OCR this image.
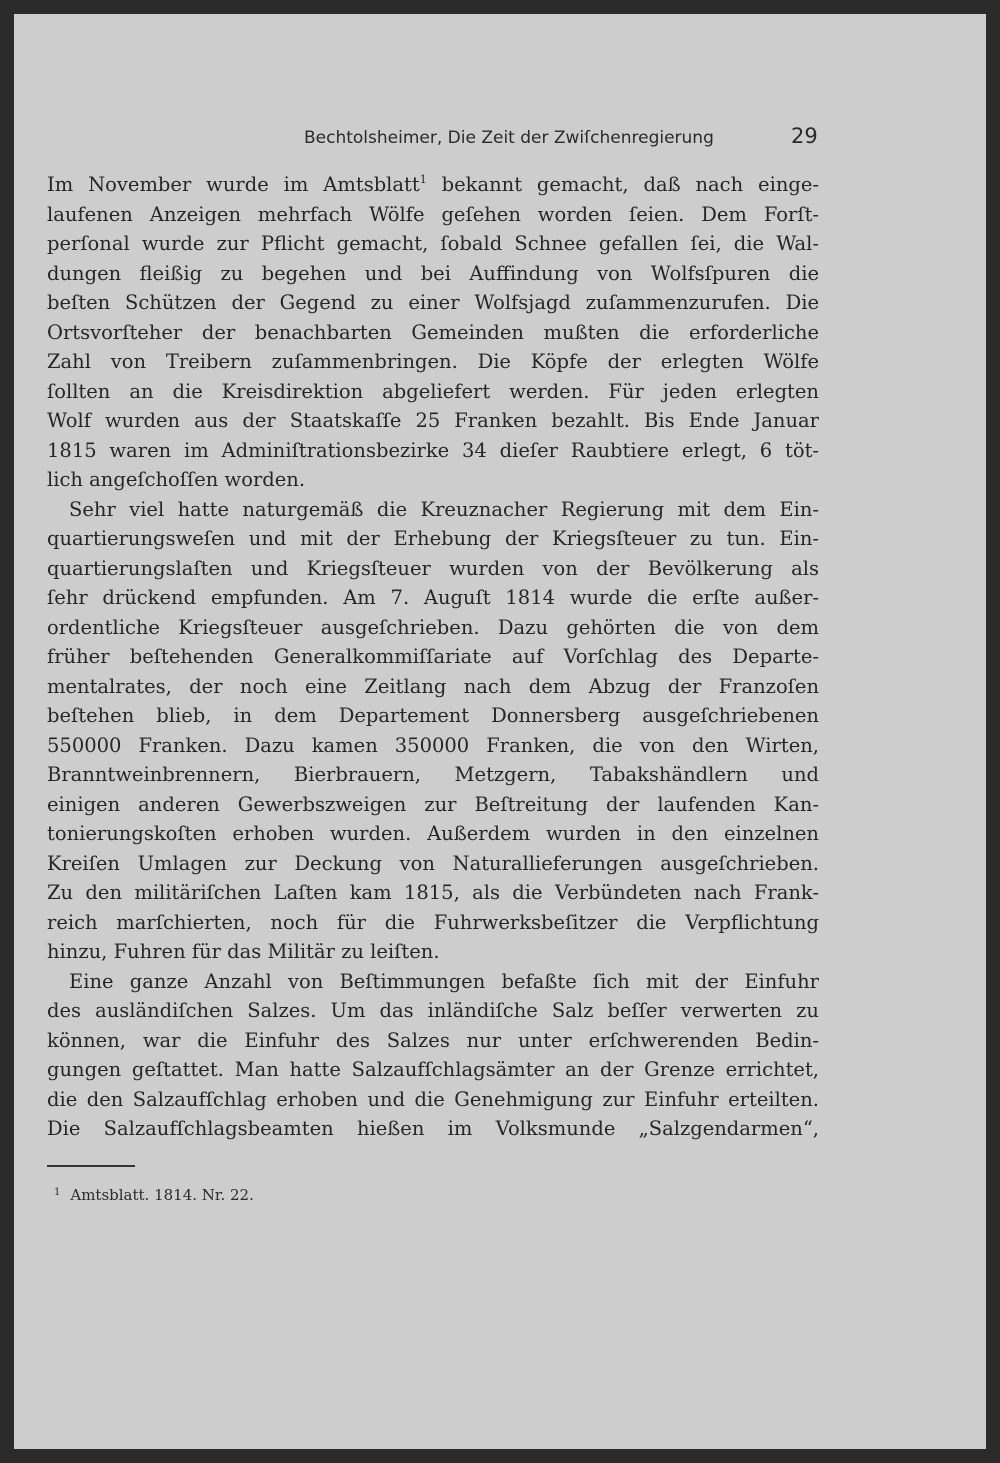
Bechtolsheimer, Die Zeit der Zwiſchenregierung	29
Im November wurde im Amtsblatt$^1$ bekannt gemacht, daß nach einge-
laufenen Anzeigen mehrfach Wölfe geſehen worden ſeien. Dem Forſt-
perſonal wurde zur Pflicht gemacht, ſobald Schnee gefallen ſei, die Wal-
dungen fleißig zu begehen und bei Auffindung von Wolfsſpuren die
beſten Schützen der Gegend zu einer Wolfsjagd zuſammenzurufen. Die
Ortsvorſteher der benachbarten Gemeinden mußten die erforderliche
Zahl von Treibern zuſammenbringen. Die Köpfe der erlegten Wölfe
ſollten an die Kreisdirektion abgeliefert werden. Für jeden erlegten
Wolf wurden aus der Staatskaſſe 25 Franken bezahlt. Bis Ende Januar
1815 waren im Adminiſtrationsbezirke 34 dieſer Raubtiere erlegt, 6 töt-
lich angeſchoſſen worden.
Sehr viel hatte naturgemäß die Kreuznacher Regierung mit dem Ein-
quartierungsweſen und mit der Erhebung der Kriegsſteuer zu tun. Ein-
quartierungslaſten und Kriegsſteuer wurden von der Bevölkerung als
ſehr drückend empfunden. Am 7. Auguſt 1814 wurde die erſte außer-
ordentliche Kriegsſteuer ausgeſchrieben. Dazu gehörten die von dem
früher beſtehenden Generalkommiſſariate auf Vorſchlag des Departe-
mentalrates, der noch eine Zeitlang nach dem Abzug der Franzoſen
beſtehen blieb, in dem Departement Donnersberg ausgeſchriebenen
550000 Franken. Dazu kamen 350000 Franken, die von den Wirten,
Branntweinbrennern, Bierbrauern, Metzgern, Tabakshändlern und
einigen anderen Gewerbszweigen zur Beſtreitung der laufenden Kan-
tonierungskoſten erhoben wurden. Außerdem wurden in den einzelnen
Kreiſen Umlagen zur Deckung von Naturallieferungen ausgeſchrieben.
Zu den militäriſchen Laſten kam 1815, als die Verbündeten nach Frank-
reich marſchierten, noch für die Fuhrwerksbeſitzer die Verpflichtung
hinzu, Fuhren für das Militär zu leiſten.
Eine ganze Anzahl von Beſtimmungen befaßte ſich mit der Einfuhr
des ausländiſchen Salzes. Um das inländiſche Salz beſſer verwerten zu
können, war die Einfuhr des Salzes nur unter erſchwerenden Bedin-
gungen geſtattet. Man hatte Salzaufſchlagsämter an der Grenze errichtet,
die den Salzaufſchlag erhoben und die Genehmigung zur Einfuhr erteilten.
Die Salzaufſchlagsbeamten hießen im Volksmunde „Salzgendarmen“,
$^1$ Amtsblatt. 1814. Nr. 22.
